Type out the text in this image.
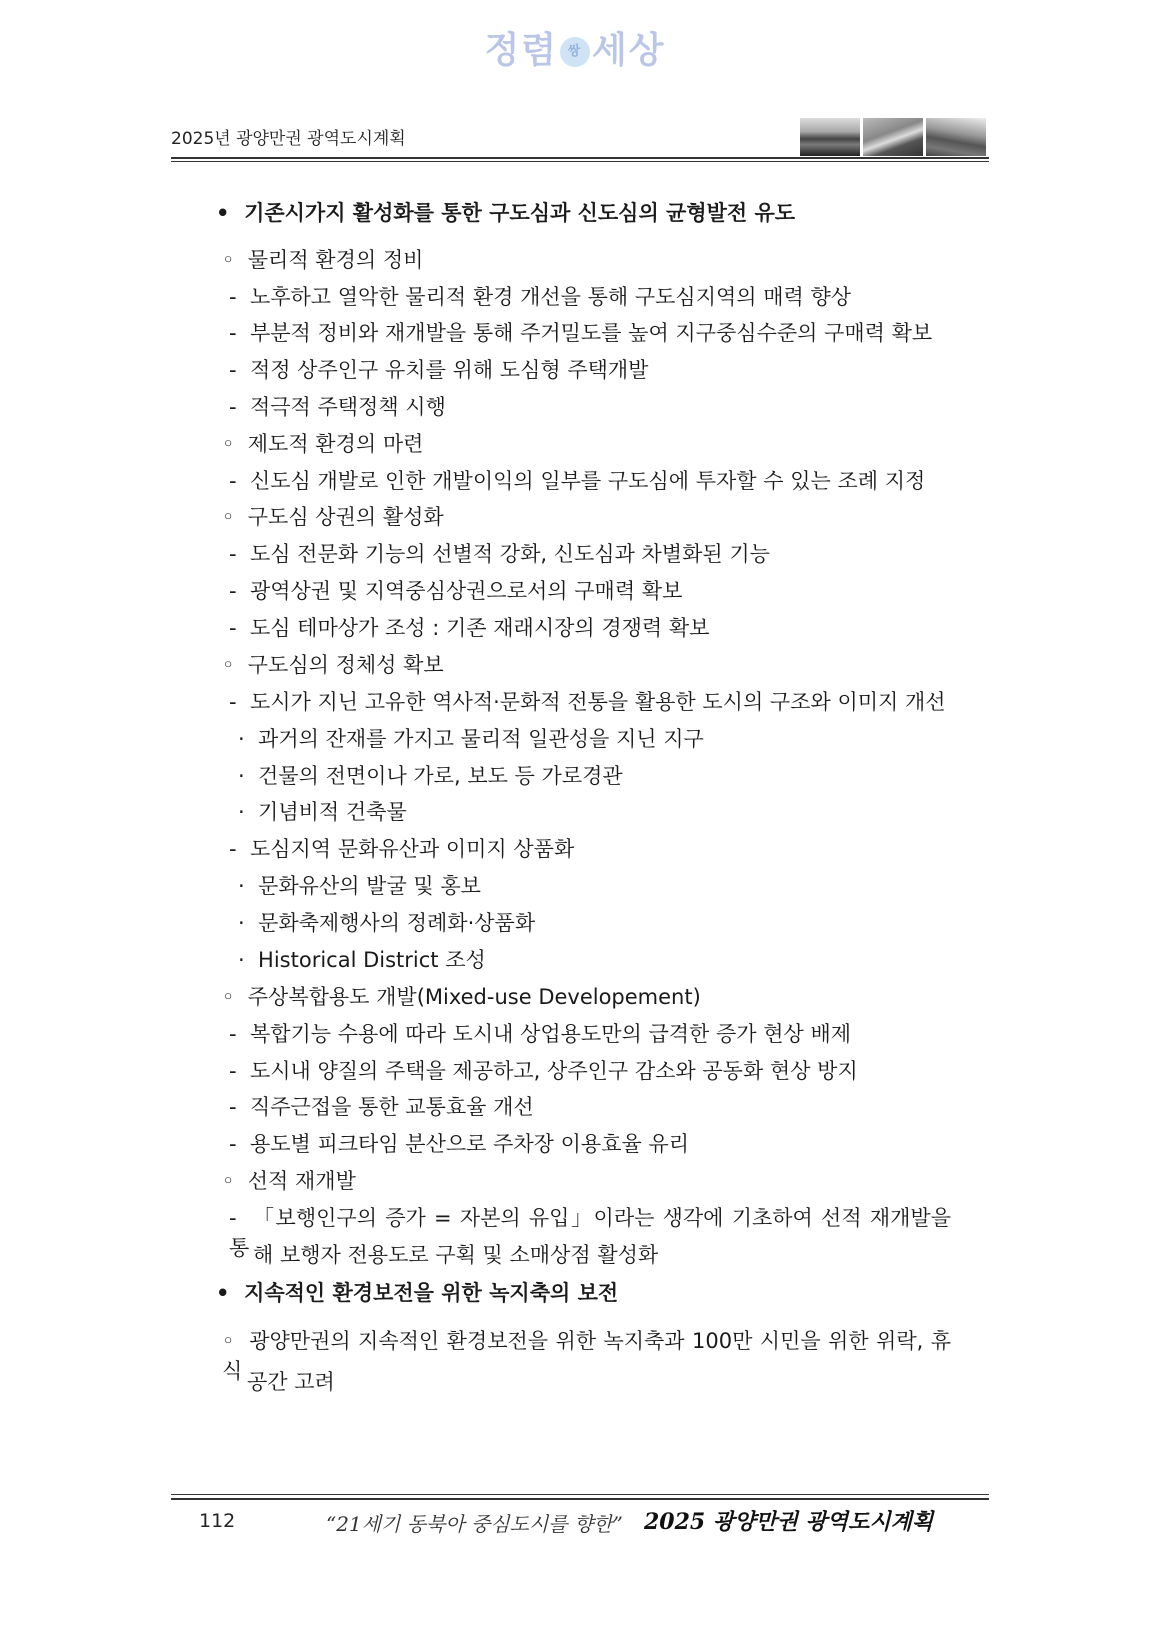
정렴 쌍 세상
2025년 광양만권 광역도시계획
• 기존시가지 활성화를 통한 구도심과 신도심의 균형발전 유도
◦ 물리적 환경의 정비
- 노후하고 열악한 물리적 환경 개선을 통해 구도심지역의 매력 향상
- 부분적 정비와 재개발을 통해 주거밀도를 높여 지구중심수준의 구매력 확보
- 적정 상주인구 유치를 위해 도심형 주택개발
- 적극적 주택정책 시행
◦ 제도적 환경의 마련
- 신도심 개발로 인한 개발이익의 일부를 구도심에 투자할 수 있는 조례 지정
◦ 구도심 상권의 활성화
- 도심 전문화 기능의 선별적 강화, 신도심과 차별화된 기능
- 광역상권 및 지역중심상권으로서의 구매력 확보
- 도심 테마상가 조성 : 기존 재래시장의 경쟁력 확보
◦ 구도심의 정체성 확보
- 도시가 지닌 고유한 역사적·문화적 전통을 활용한 도시의 구조와 이미지 개선
· 과거의 잔재를 가지고 물리적 일관성을 지닌 지구
· 건물의 전면이나 가로, 보도 등 가로경관
· 기념비적 건축물
- 도심지역 문화유산과 이미지 상품화
· 문화유산의 발굴 및 홍보
· 문화축제행사의 정례화·상품화
· Historical District 조성
◦ 주상복합용도 개발(Mixed-use Developement)
- 복합기능 수용에 따라 도시내 상업용도만의 급격한 증가 현상 배제
- 도시내 양질의 주택을 제공하고, 상주인구 감소와 공동화 현상 방지
- 직주근접을 통한 교통효율 개선
- 용도별 피크타임 분산으로 주차장 이용효율 유리
◦ 선적 재개발
- 「보행인구의 증가 = 자본의 유입」이라는 생각에 기초하여 선적 재개발을 통 해 보행자 전용도로 구획 및 소매상점 활성화
• 지속적인 환경보전을 위한 녹지축의 보전
◦ 광양만권의 지속적인 환경보전을 위한 녹지축과 100만 시민을 위한 위락, 휴식 공간 고려
112	“21세기 동북아 중심도시를 향한” 2025 광양만권 광역도시계획
